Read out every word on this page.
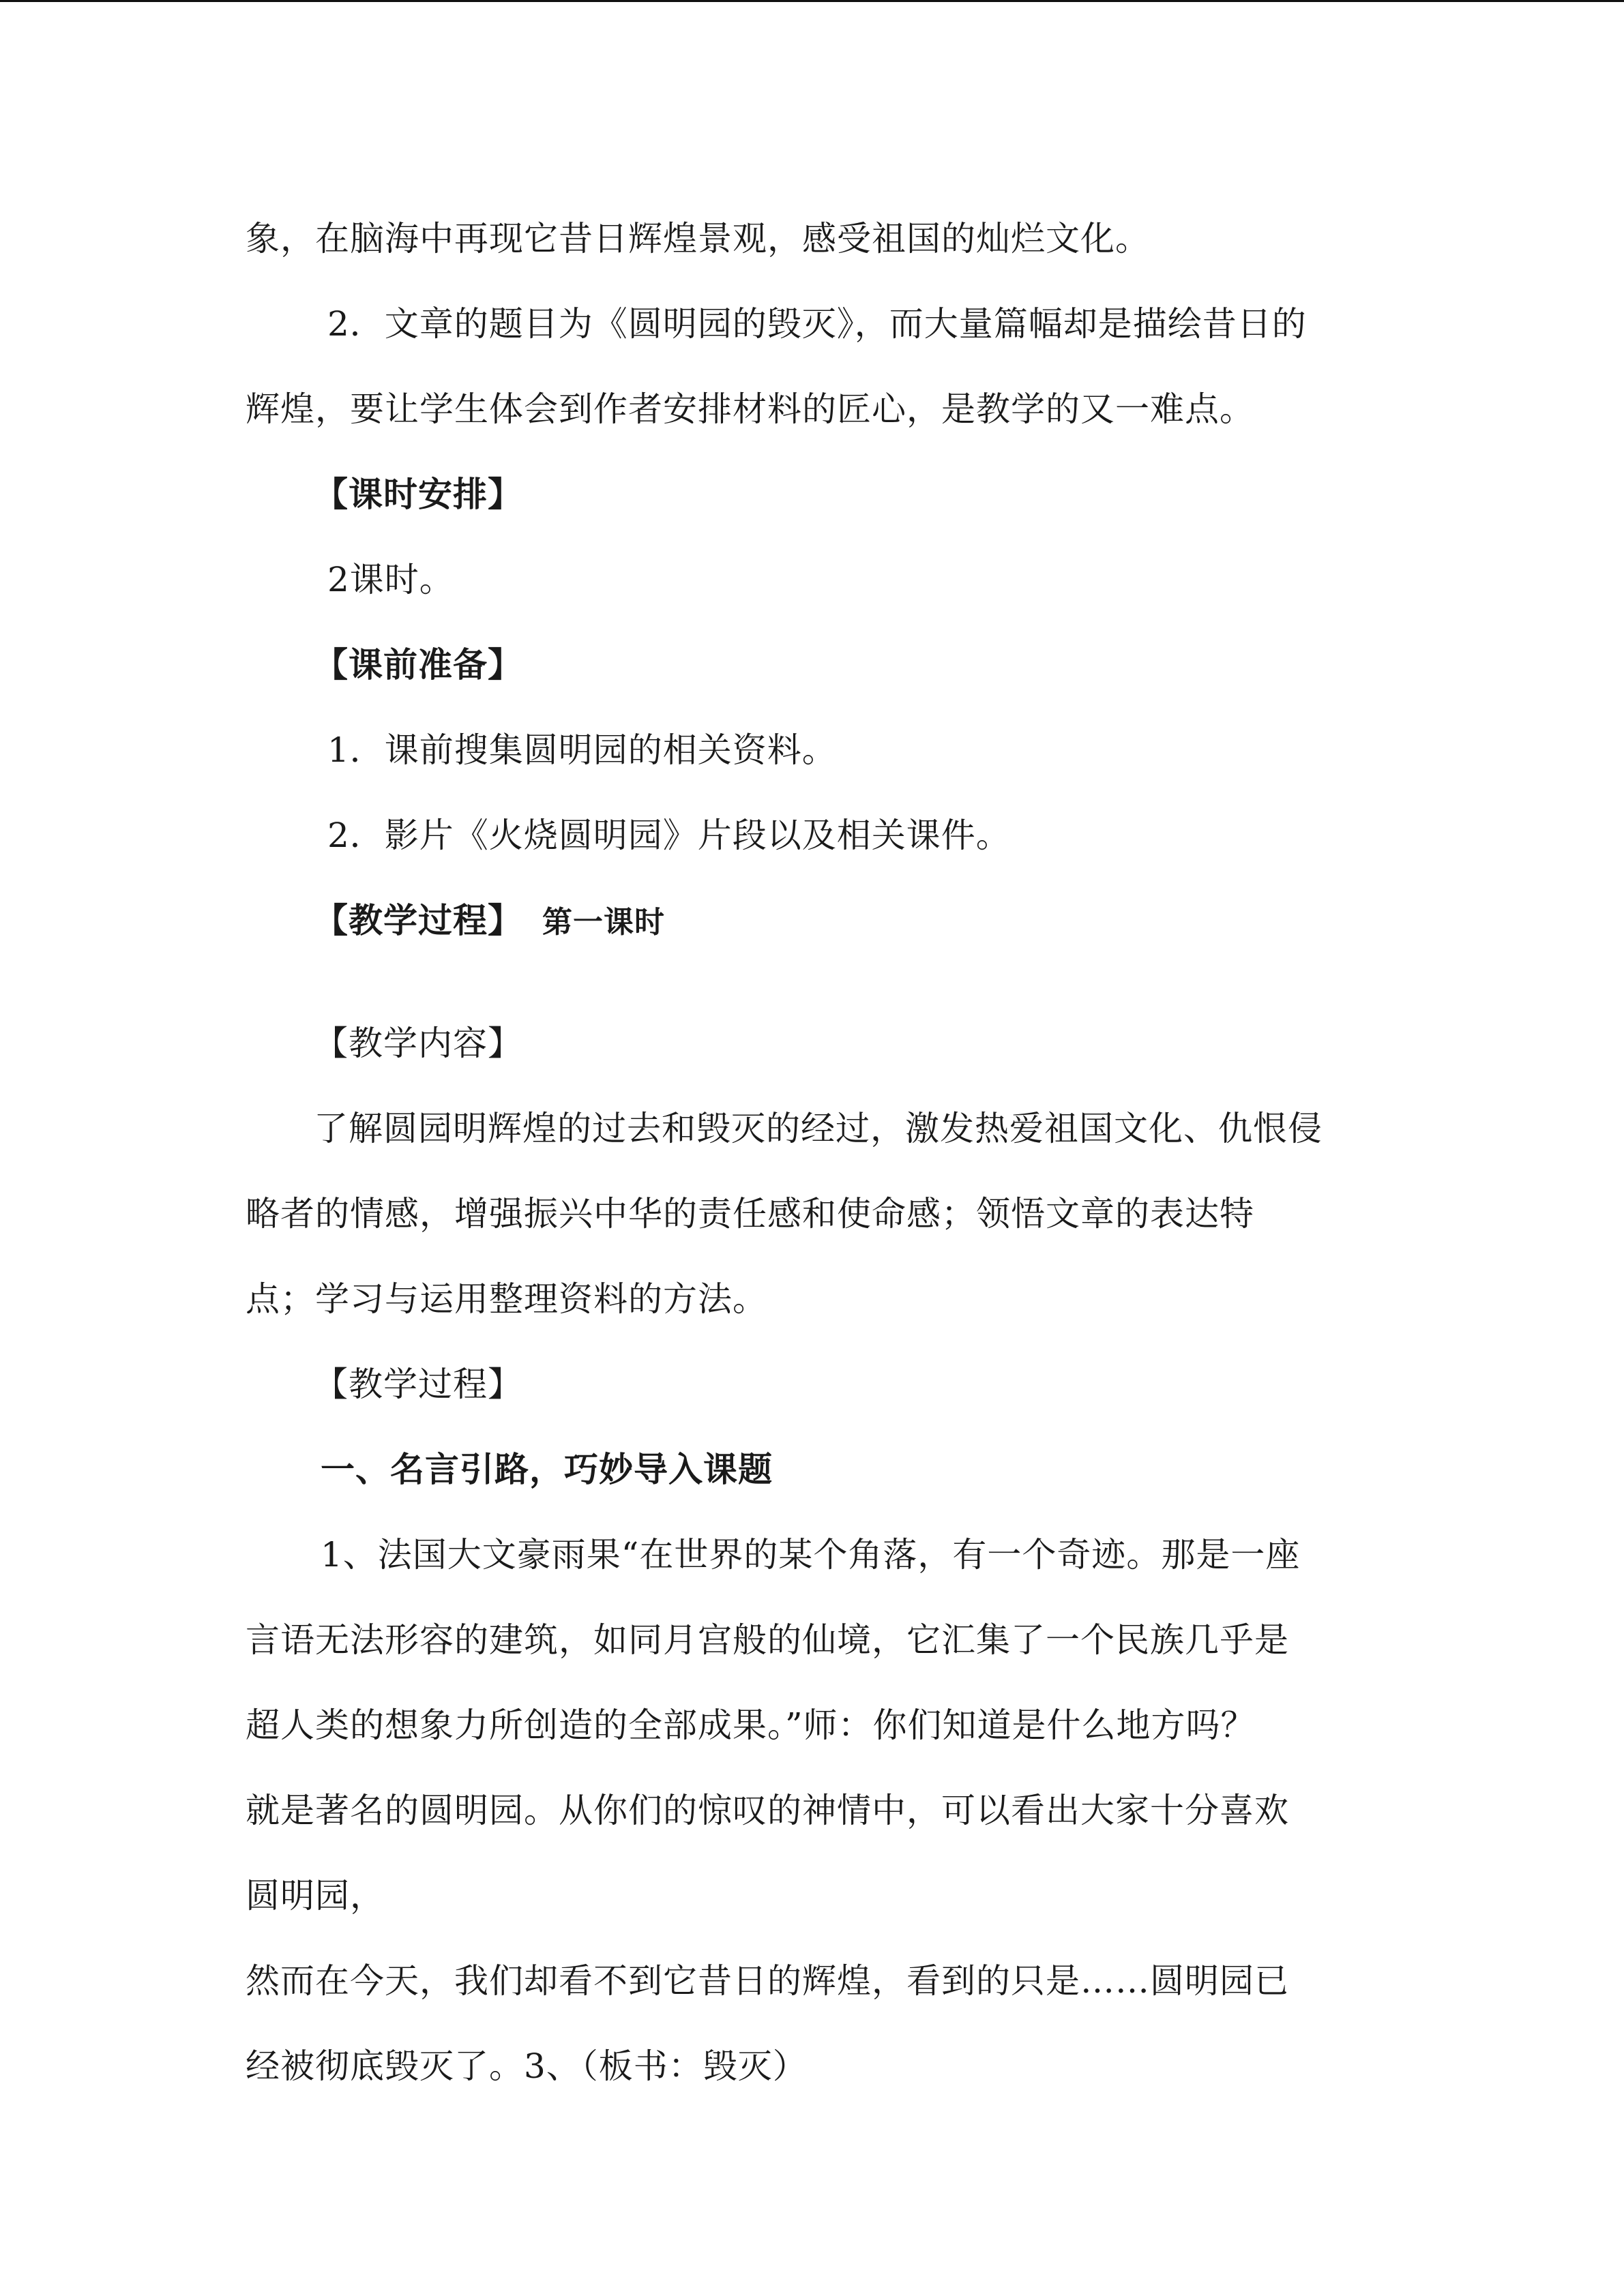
象，在脑海中再现它昔日辉煌景观，感受祖国的灿烂文化。
2．文章的题目为《圆明园的毁灭》，而大量篇幅却是描绘昔日的
辉煌，要让学生体会到作者安排材料的匠心，是教学的又一难点。
【课时安排】
2课时。
【课前准备】
1．课前搜集圆明园的相关资料。
2．影片《火烧圆明园》片段以及相关课件。
【教学过程】 第一课时
【教学内容】
了解圆园明辉煌的过去和毁灭的经过，激发热爱祖国文化、仇恨侵
略者的情感，增强振兴中华的责任感和使命感；领悟文章的表达特
点；学习与运用整理资料的方法。
【教学过程】
一、名言引路，巧妙导入课题
1、法国大文豪雨果“在世界的某个角落，有一个奇迹。那是一座
言语无法形容的建筑，如同月宫般的仙境，它汇集了一个民族几乎是
超人类的想象力所创造的全部成果。”师：你们知道是什么地方吗？
就是著名的圆明园。从你们的惊叹的神情中，可以看出大家十分喜欢
圆明园，
然而在今天，我们却看不到它昔日的辉煌，看到的只是……圆明园已
经被彻底毁灭了。3、（板书：毁灭）
